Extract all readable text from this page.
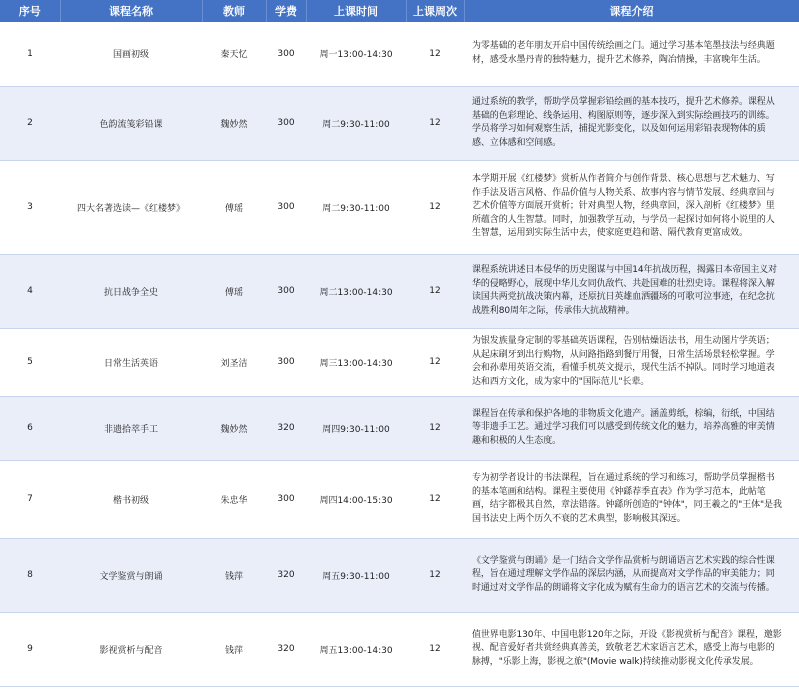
序号	课程名称	教师	学费	上课时间	上课周次	课程介绍
1	国画初级	秦天忆	300	周一13:00-14:30	12	为零基础的老年朋友开启中国传统绘画之门。通过学习基本笔墨技法与经典题材，感受水墨丹青的独特魅力，提升艺术修养，陶冶情操，丰富晚年生活。
2	色韵流笺彩铅课	魏妙然	300	周二9:30-11:00	12	通过系统的教学，帮助学员掌握彩铅绘画的基本技巧，提升艺术修养。课程从基础的色彩理论、线条运用、构图原则等，逐步深入到实际绘画技巧的训练。学员将学习如何观察生活，捕捉光影变化，以及如何运用彩铅表现物体的质感、立体感和空间感。
3	四大名著选读—《红楼梦》	傅瑶	300	周二9:30-11:00	12	本学期开展《红楼梦》赏析从作者简介与创作背景、核心思想与艺术魅力、写作手法及语言风格、作品价值与人物关系、故事内容与情节发展、经典章回与艺术价值等方面展开赏析；针对典型人物，经典章回，深入剖析《红楼梦》里所蕴含的人生智慧。同时，加强教学互动，与学员一起探讨如何将小说里的人生智慧，运用到实际生活中去，使家庭更趋和谐、隔代教育更富成效。
4	抗日战争全史	傅瑶	300	周二13:00-14:30	12	课程系统讲述日本侵华的历史图谋与中国14年抗战历程，揭露日本帝国主义对华的侵略野心，展现中华儿女同仇敌忾、共赴国难的壮烈史诗。课程将深入解读国共两党抗战决策内幕，还原抗日英雄血洒疆场的可歌可泣事迹，在纪念抗战胜利80周年之际，传承伟大抗战精神。
5	日常生活英语	刘圣洁	300	周三13:00-14:30	12	为银发族量身定制的零基础英语课程，告别枯燥语法书，用生动图片学英语；从起床刷牙到出行购物，从问路指路到餐厅用餐，日常生活场景轻松掌握。学会和孙辈用英语交流，看懂手机英文提示，现代生活不掉队。同时学习地道表达和西方文化，成为家中的"国际范儿"长辈。
6	非遗拾萃手工	魏妙然	320	周四9:30-11:00	12	课程旨在传承和保护各地的非物质文化遗产。涵盖剪纸，棕编，衍纸，中国结等非遗手工艺。通过学习我们可以感受到传统文化的魅力，培养高雅的审美情趣和积极的人生态度。
7	楷书初级	朱忠华	300	周四14:00-15:30	12	专为初学者设计的书法课程，旨在通过系统的学习和练习，帮助学员掌握楷书的基本笔画和结构。课程主要使用《钟繇荐季直表》作为学习范本，此帖笔画，结字都极其自然，章法错落。钟繇所创造的"钟体"，同王羲之的"王体"是我国书法史上两个历久不衰的艺术典型，影响极其深远。
8	文学鉴赏与朗诵	钱萍	320	周五9:30-11:00	12	《文学鉴赏与朗诵》是一门结合文学作品赏析与朗诵语言艺术实践的综合性课程，旨在通过理解文学作品的深层内涵，从而提高对文学作品的审美能力；同时通过对文学作品的朗诵将文字化成为赋有生命力的语言艺术的交流与传播。
9	影视赏析与配音	钱萍	320	周五13:00-14:30	12	值世界电影130年、中国电影120年之际，开设《影视赏析与配音》课程，邀影视、配音爱好者共赏经典真善美，致敬老艺术家语言艺术，感受上海与电影的脉搏，"乐影上海，影视之旅"(Movie walk)持续推动影视文化传承发展。
